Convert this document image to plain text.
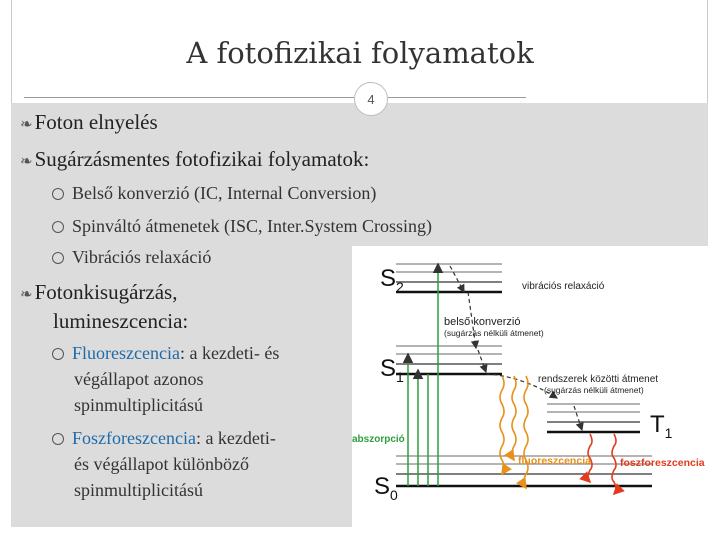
A fotofizikai folyamatok
4
❧Foton elnyelés
❧Sugárzásmentes fotofizikai folyamatok:
Belső konverzió (IC, Internal Conversion)
Spinváltó átmenetek (ISC, Inter.System Crossing)
Vibrációs relaxáció
❧Fotonkisugárzás,
lumineszcencia:
Fluoreszcencia: a kezdeti- és
végállapot azonos
spinmultiplicitású
Foszforeszcencia: a kezdeti-
és végállapot különböző
spinmultiplicitású
$S_2$
$S_1$
$T_1$
$S_0$
vibrációs relaxáció
belső konverzió
(sugárzás nélküli átmenet)
rendszerek közötti átmenet
(sugárzás nélküli átmenet)
abszorpció
fluoreszcencia	foszforeszcencia
